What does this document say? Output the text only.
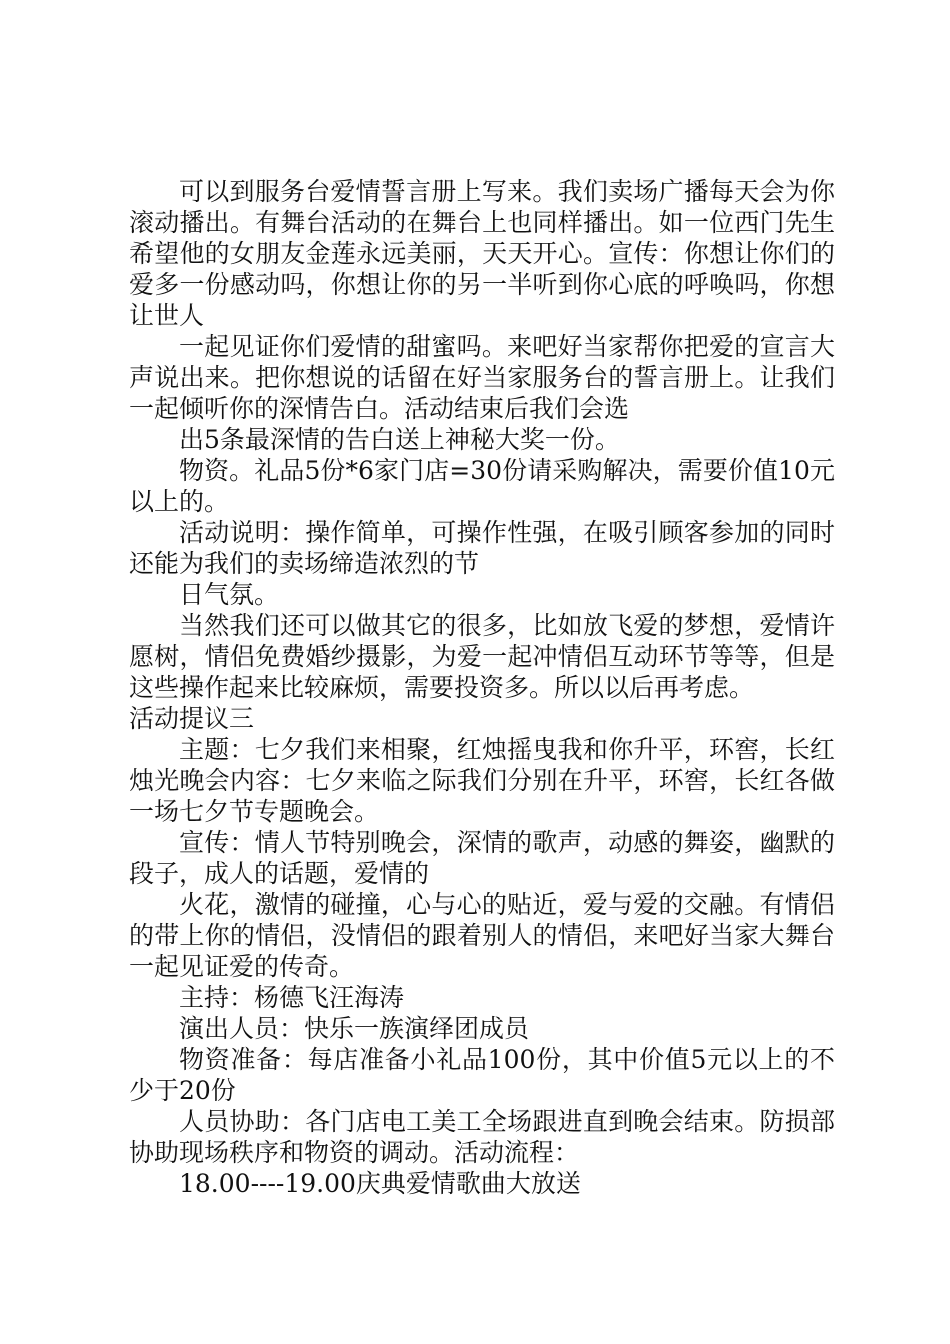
可以到服务台爱情誓言册上写来。我们卖场广播每天会为你滚动播出。有舞台活动的在舞台上也同样播出。如一位西门先生希望他的女朋友金莲永远美丽，天天开心。宣传：你想让你们的爱多一份感动吗，你想让你的另一半听到你心底的呼唤吗，你想让世人

一起见证你们爱情的甜蜜吗。来吧好当家帮你把爱的宣言大声说出来。把你想说的话留在好当家服务台的誓言册上。让我们一起倾听你的深情告白。活动结束后我们会选

出5条最深情的告白送上神秘大奖一份。

物资。礼品5份*6家门店=30份请采购解决，需要价值10元以上的。

活动说明：操作简单，可操作性强，在吸引顾客参加的同时还能为我们的卖场缔造浓烈的节

日气氛。

当然我们还可以做其它的很多，比如放飞爱的梦想，爱情许愿树，情侣免费婚纱摄影，为爱一起冲情侣互动环节等等，但是这些操作起来比较麻烦，需要投资多。所以以后再考虑。

活动提议三

主题：七夕我们来相聚，红烛摇曳我和你升平，环窖，长红烛光晚会内容：七夕来临之际我们分别在升平，环窖，长红各做一场七夕节专题晚会。

宣传：情人节特别晚会，深情的歌声，动感的舞姿，幽默的段子，成人的话题，爱情的

火花，激情的碰撞，心与心的贴近，爱与爱的交融。有情侣的带上你的情侣，没情侣的跟着别人的情侣，来吧好当家大舞台一起见证爱的传奇。

主持：杨德飞汪海涛

演出人员：快乐一族演绎团成员

物资准备：每店准备小礼品100份，其中价值5元以上的不少于20份

人员协助：各门店电工美工全场跟进直到晚会结束。防损部协助现场秩序和物资的调动。活动流程：

18.00----19.00庆典爱情歌曲大放送
